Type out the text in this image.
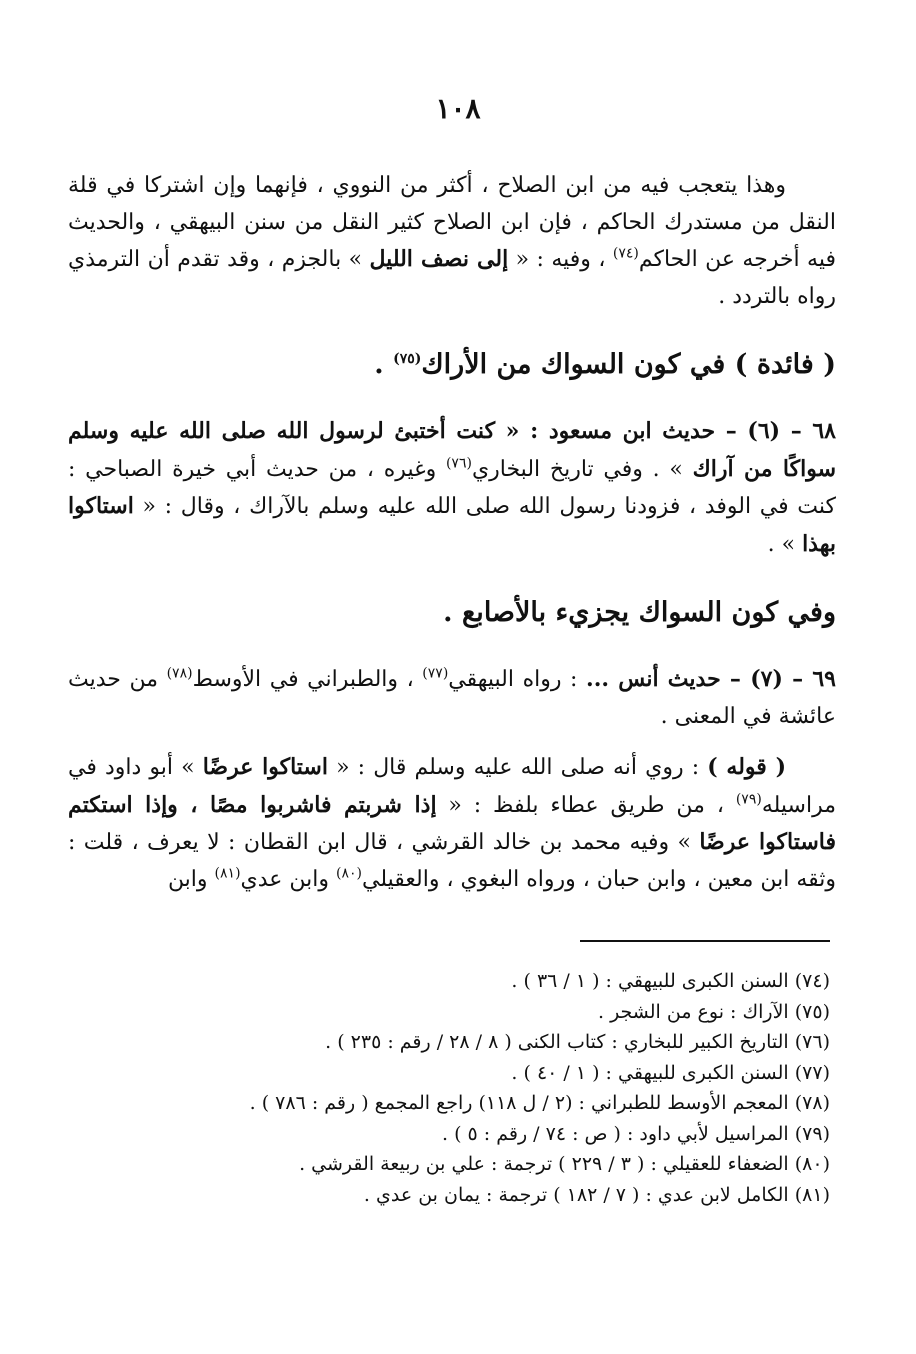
١٠٨

وهذا يتعجب فيه من ابن الصلاح ، أكثر من النووي ، فإنهما وإن اشتركا في قلة النقل من مستدرك الحاكم ، فإن ابن الصلاح كثير النقل من سنن البيهقي ، والحديث فيه أخرجه عن الحاكم$^{(٧٤)}$ ، وفيه : « إلى نصف الليل » بالجزم ، وقد تقدم أن الترمذي رواه بالتردد .

( فائدة ) في كون السواك من الأراك$^{(٧٥)}$ .

٦٨ – (٦) – حديث ابن مسعود : « كنت أختبئ لرسول الله صلى الله عليه وسلم سواكًا من آراك » . وفي تاريخ البخاري$^{(٧٦)}$ وغيره ، من حديث أبي خيرة الصباحي : كنت في الوفد ، فزودنا رسول الله صلى الله عليه وسلم بالآراك ، وقال : « استاكوا بهذا » .

وفي كون السواك يجزيء بالأصابع .

٦٩ – (٧) – حديث أنس ... : رواه البيهقي$^{(٧٧)}$ ، والطبراني في الأوسط$^{(٧٨)}$ من حديث عائشة في المعنى .

( قوله ) : روي أنه صلى الله عليه وسلم قال : « استاكوا عرضًا » أبو داود في مراسيله$^{(٧٩)}$ ، من طريق عطاء بلفظ : « إذا شربتم فاشربوا مصًا ، وإذا استكتم فاستاكوا عرضًا » وفيه محمد بن خالد القرشي ، قال ابن القطان : لا يعرف ، قلت : وثقه ابن معين ، وابن حبان ، ورواه البغوي ، والعقيلي$^{(٨٠)}$ وابن عدي$^{(٨١)}$ وابن

(٧٤) السنن الكبرى للبيهقي : ( ١ / ٣٦ ) .
(٧٥) الآراك : نوع من الشجر .
(٧٦) التاريخ الكبير للبخاري : كتاب الكنى ( ٨ / ٢٨ / رقم : ٢٣٥ ) .
(٧٧) السنن الكبرى للبيهقي : ( ١ / ٤٠ ) .
(٧٨) المعجم الأوسط للطبراني : (٢ / ل ١١٨) راجع المجمع ( رقم : ٧٨٦ ) .
(٧٩) المراسيل لأبي داود : ( ص : ٧٤ / رقم : ٥ ) .
(٨٠) الضعفاء للعقيلي : ( ٣ / ٢٢٩ ) ترجمة : علي بن ربيعة القرشي .
(٨١) الكامل لابن عدي : ( ٧ / ١٨٢ ) ترجمة : يمان بن عدي .
